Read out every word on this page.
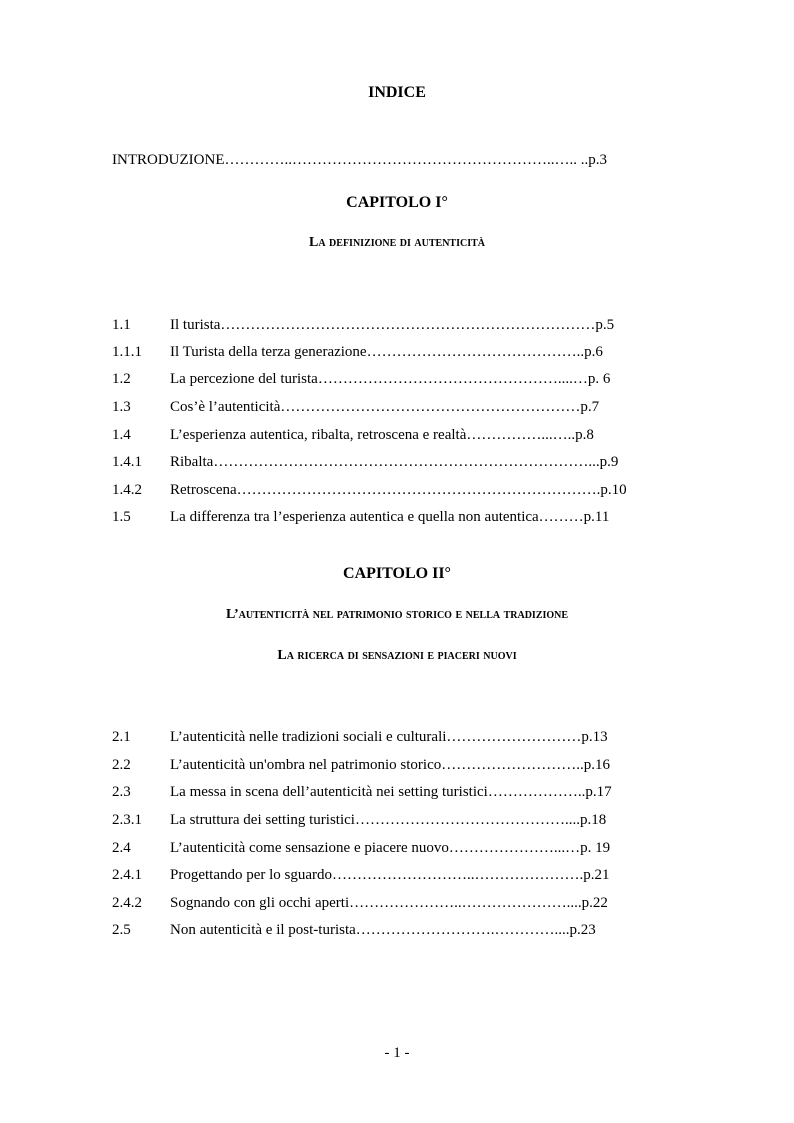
INDICE
INTRODUZIONE…………..……………………………………………..….. ..p.3
CAPITOLO I°
La definizione di autenticità
1.1	Il turista…………………………………………………………………p.5
1.1.1 Il Turista della terza generazione……………………………………..p.6
1.2	La percezione del turista…………………………………………....…p. 6
1.3	Cos’è l’autenticità……………………………………………………p.7
1.4	L’esperienza autentica, ribalta, retroscena e realtà……………...…..p.8
1.4.1 Ribalta…………………………………………………………………...p.9
1.4.2 Retroscena……………………………………………………………….p.10
1.5	La differenza tra l’esperienza autentica e quella non autentica………p.11
CAPITOLO II°
L’autenticità nel patrimonio storico e nella tradizione
La ricerca di sensazioni e piaceri nuovi
2.1	L’autenticità nelle tradizioni sociali e culturali………………………p.13
2.2	L’autenticità un'ombra nel patrimonio storico………………………..p.16
2.3	La messa in scena dell’autenticità nei setting turistici………………..p.17
2.3.1 La struttura dei setting turistici……………………………………....p.18
2.4	L’autenticità come sensazione e piacere nuovo…………………...…p. 19
2.4.1 Progettando per lo sguardo………………………..………………….p.21
2.4.2 Sognando con gli occhi aperti…………………..…………………....p.22
2.5	Non autenticità e il post-turista……………………….…………....p.23
- 1 -
